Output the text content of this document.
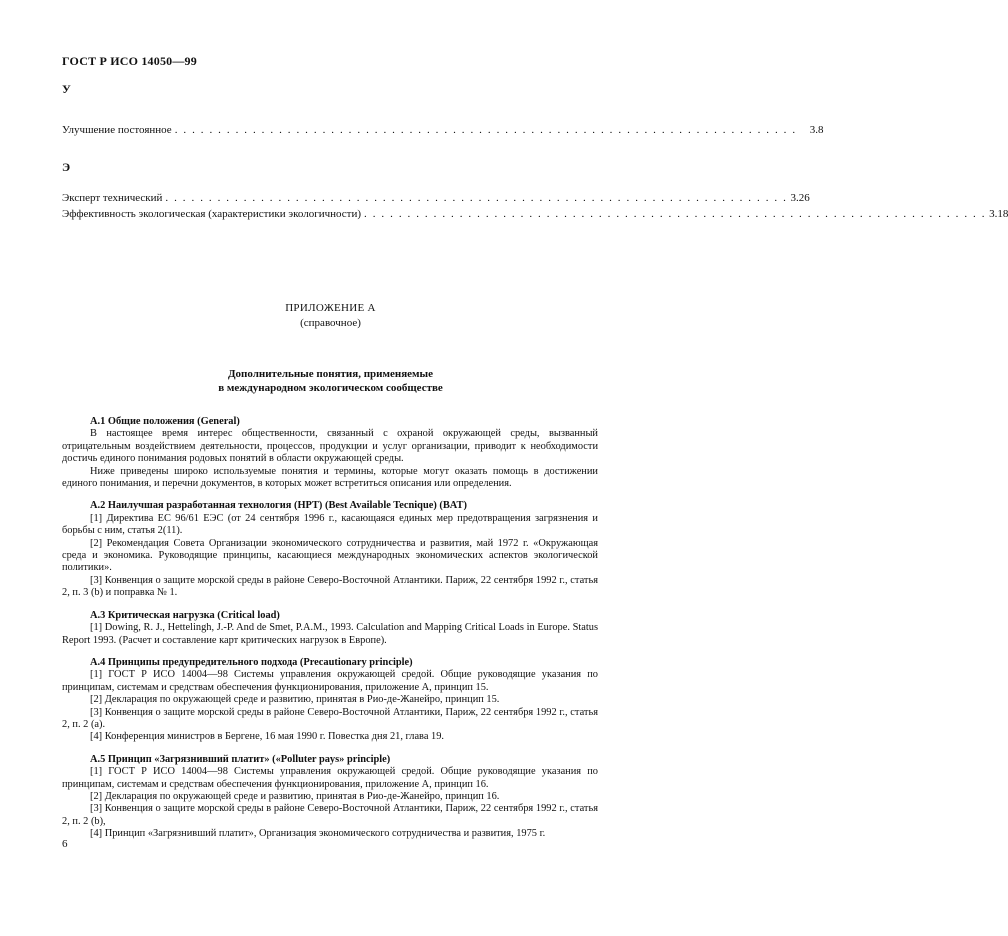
ГОСТ Р ИСО 14050—99
У
Улучшение постоянное . . . . . . . . . . . . . . . . . . . . . . . . . . . . . . . . . . . . . . . . . . . . . . . . . . . . . . . . . . . . . . . . . . . . . . . . 3.8
Э
Эксперт технический . . . . . . . . . . . . . . . . . . . . . . . . . . . . . . . . . . . . . . . . . . . . . . . . . . . . . . . . . . . . . . . . . . . . . . . . 3.26
Эффективность экологическая (характеристики экологичности) . . . . . . . . . . . . . . . . . . . . . . . . . . . . . . . . . . . . . . . . . . . . . . . . . . . . . . . . . . . . . . . . . . . . . . . . 3.18
ПРИЛОЖЕНИЕ А
(справочное)
Дополнительные понятия, применяемые
в международном экологическом сообществе
А.1 Общие положения (General)

В настоящее время интерес общественности, связанный с охраной окружающей среды, вызванный отрицательным воздействием деятельности, процессов, продукции и услуг организации, приводит к необходимости достичь единого понимания родовых понятий в области окружающей среды.

Ниже приведены широко используемые понятия и термины, которые могут оказать помощь в достижении единого понимания, и перечни документов, в которых может встретиться описания или определения.

А.2 Наилучшая разработанная технология (НРТ) (Best Available Tecnique) (BAT)

[1] Директива ЕС 96/61 ЕЭС (от 24 сентября 1996 г., касающаяся единых мер предотвращения загрязнения и борьбы с ним, статья 2(11).

[2] Рекомендация Совета Организации экономического сотрудничества и развития, май 1972 г. «Окружающая среда и экономика. Руководящие принципы, касающиеся международных экономических аспектов экологической политики».

[3] Конвенция о защите морской среды в районе Северо-Восточной Атлантики. Париж, 22 сентября 1992 г., статья 2, п. 3 (b) и поправка № 1.

А.3 Критическая нагрузка (Critical load)

[1] Dowing, R. J., Hettelingh, J.-P. And de Smet, P.A.M., 1993. Calculation and Mapping Critical Loads in Europe. Status Report 1993. (Расчет и составление карт критических нагрузок в Европе).

А.4 Принципы предупредительного подхода (Precautionary principle)

[1] ГОСТ Р ИСО 14004—98 Системы управления окружающей средой. Общие руководящие указания по принципам, системам и средствам обеспечения функционирования, приложение А, принцип 15.

[2] Декларация по окружающей среде и развитию, принятая в Рио-де-Жанейро, принцип 15.

[3] Конвенция о защите морской среды в районе Северо-Восточной Атлантики, Париж, 22 сентября 1992 г., статья 2, п. 2 (а).

[4] Конференция министров в Бергене, 16 мая 1990 г. Повестка дня 21, глава 19.

А.5 Принцип «Загрязнивший платит» («Polluter pays» principle)

[1] ГОСТ Р ИСО 14004—98 Системы управления окружающей средой. Общие руководящие указания по принципам, системам и средствам обеспечения функционирования, приложение А, принцип 16.

[2] Декларация по окружающей среде и развитию, принятая в Рио-де-Жанейро, принцип 16.

[3] Конвенция о защите морской среды в районе Северо-Восточной Атлантики, Париж, 22 сентября 1992 г., статья 2, п. 2 (b),

[4] Принцип «Загрязнивший платит», Организация экономического сотрудничества и развития, 1975 г.

6
